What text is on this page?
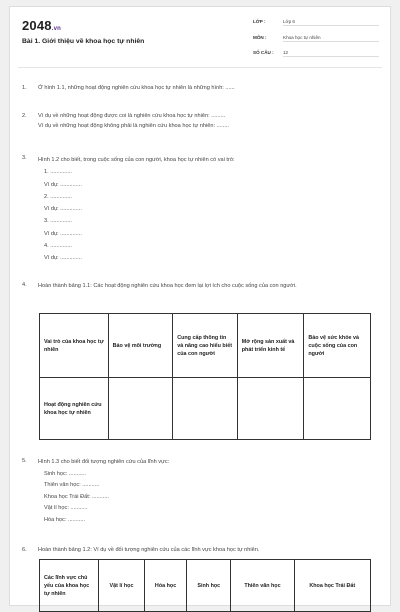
2048.vn
Bài 1. Giới thiệu về khoa học tự nhiên
LỚP :	Lớp 6
MÔN :	Khoa học tự nhiên
SỐ CÂU :	12
1. Ở hình 1.1, những hoạt động nghiên cứu khoa học tự nhiên là những hình: ......
2. Ví dụ về những hoạt động được coi là nghiên cứu khoa học tự nhiên: .........
Ví dụ về những hoạt động không phải là nghiên cứu khoa học tự nhiên: ........
3. Hình 1.2 cho biết, trong cuộc sống của con người, khoa học tự nhiên có vai trò:
1. ..............
Ví dụ: ..............
2. ..............
Ví dụ: ..............
3. ..............
Ví dụ: ..............
4. ..............
Ví dụ: ..............
4. Hoàn thành bảng 1.1: Các hoạt động nghiên cứu khoa học đem lại lợi ích cho cuộc sống của con người.
Vai trò của khoa học tự nhiên	Bảo vệ môi trường	Cung cấp thông tin và nâng cao hiểu biết của con người	Mở rộng sản xuất và phát triển kinh tế	Bảo vệ sức khỏe và cuộc sống của con người
Hoạt động nghiên cứu khoa học tự nhiên				
5. Hình 1.3 cho biết đối tượng nghiên cứu của lĩnh vực:
Sinh học: ...........
Thiên văn học: ...........
Khoa học Trái Đất: ...........
Vật lí học: ...........
Hóa học: ...........
6. Hoàn thành bảng 1.2: Ví dụ về đối tượng nghiên cứu của các lĩnh vực khoa học tự nhiên.
Các lĩnh vực chủ yếu của khoa học tự nhiên	Vật lí học	Hóa học	Sinh học	Thiên văn học	Khoa học Trái Đất
